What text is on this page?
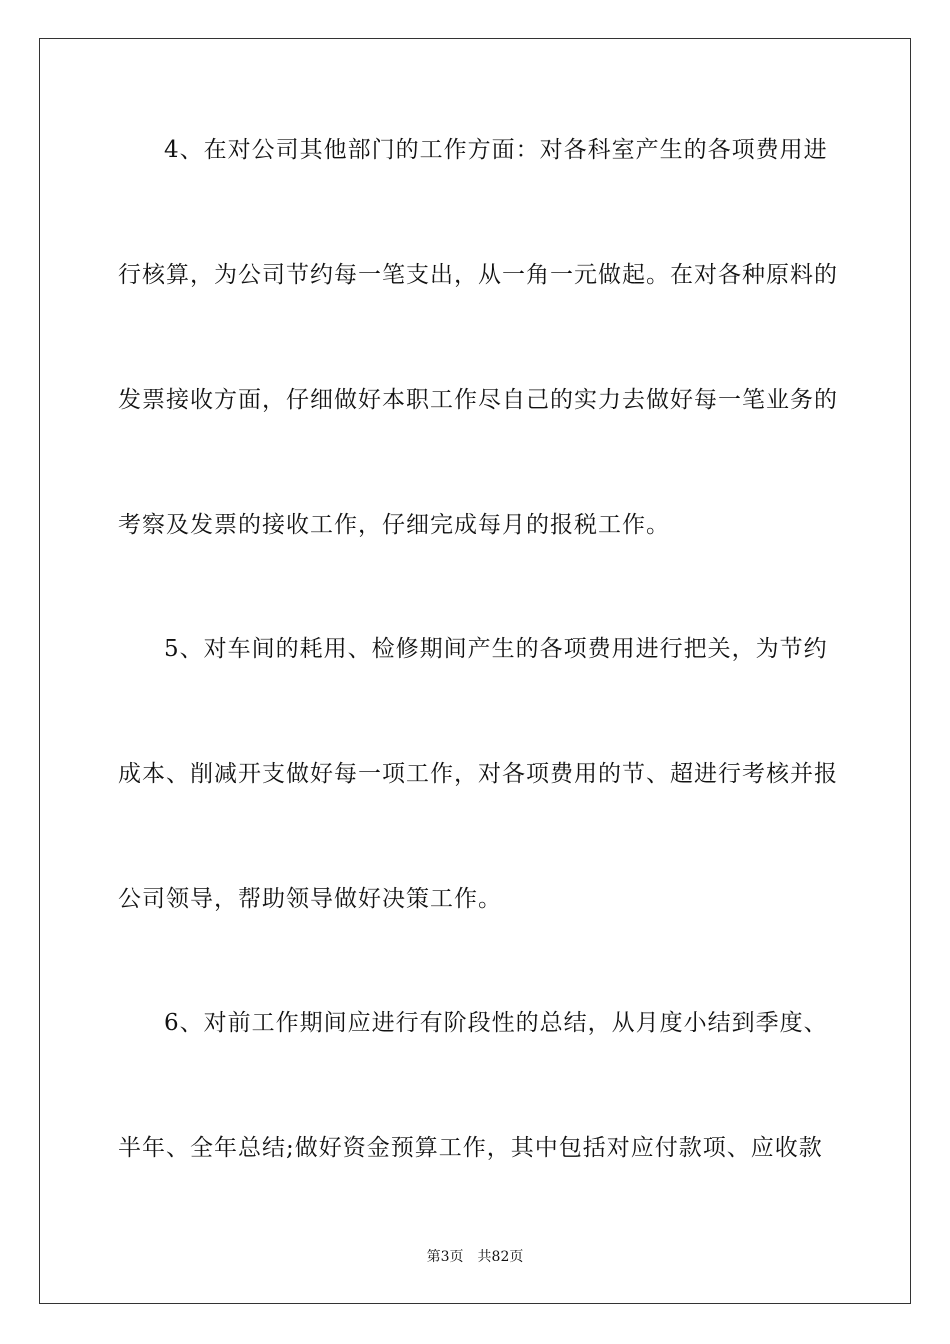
4、在对公司其他部门的工作方面：对各科室产生的各项费用进
行核算，为公司节约每一笔支出，从一角一元做起。在对各种原料的
发票接收方面，仔细做好本职工作尽自己的实力去做好每一笔业务的
考察及发票的接收工作，仔细完成每月的报税工作。
5、对车间的耗用、检修期间产生的各项费用进行把关，为节约
成本、削减开支做好每一项工作，对各项费用的节、超进行考核并报
公司领导，帮助领导做好决策工作。
6、对前工作期间应进行有阶段性的总结，从月度小结到季度、
半年、全年总结;做好资金预算工作，其中包括对应付款项、应收款
第3页 共82页
